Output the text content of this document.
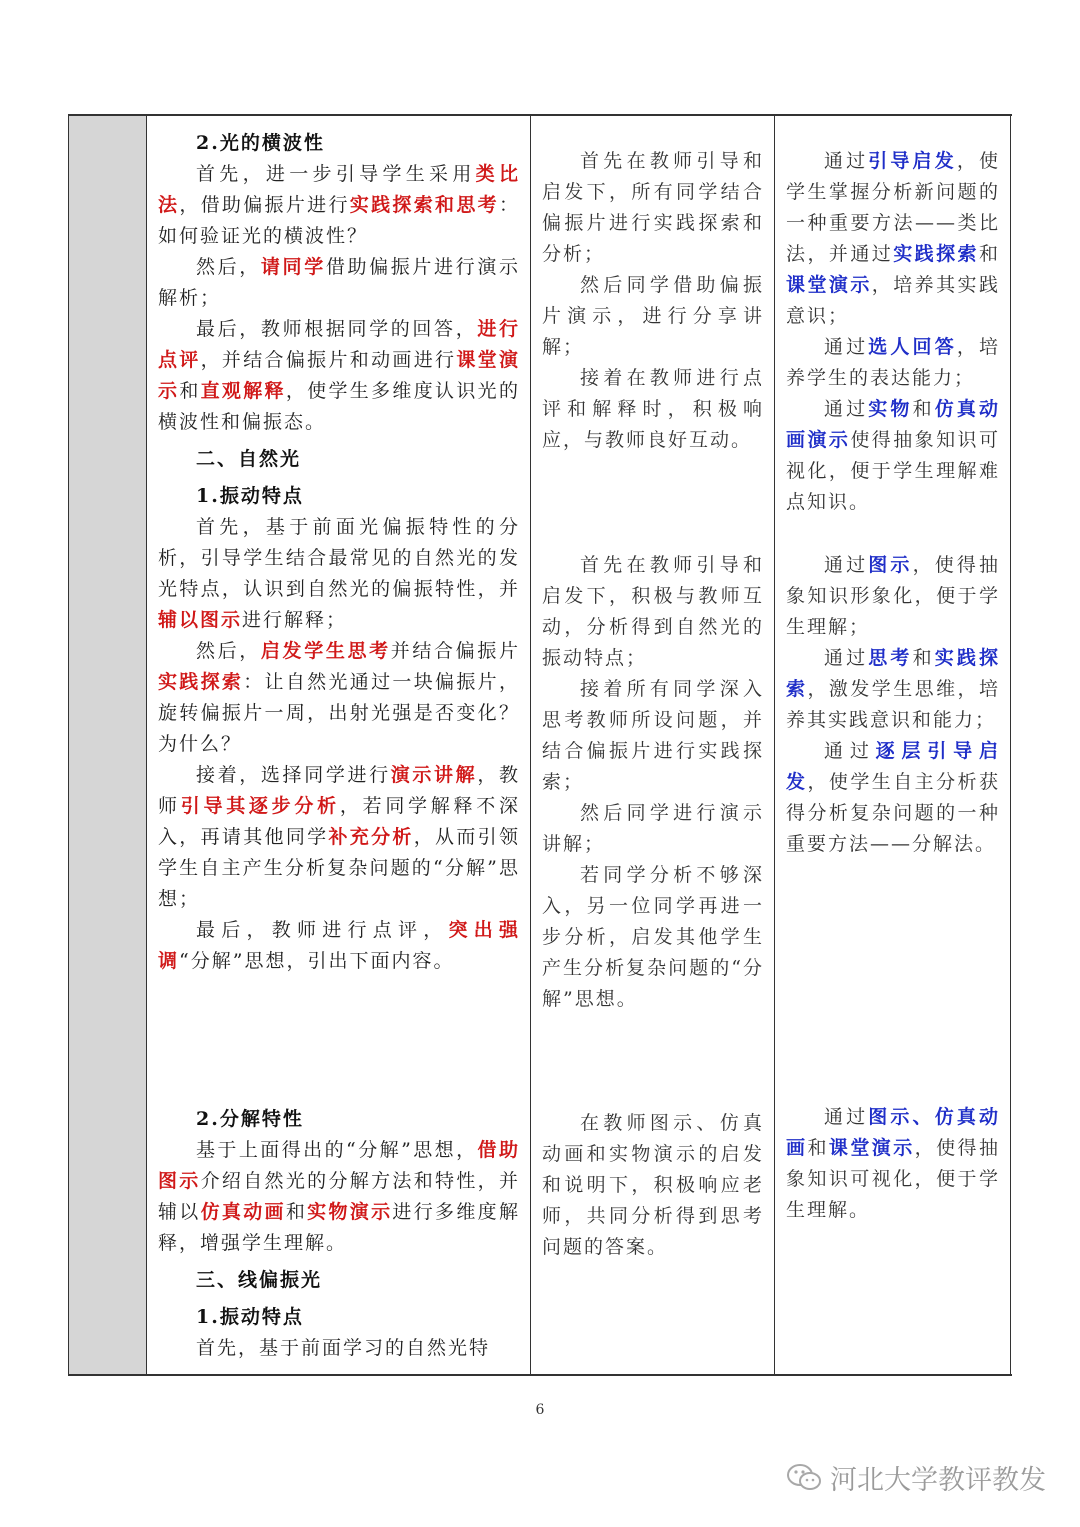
2.光的横波性

首先，进一步引导学生采用类比法，借助偏振片进行实践探索和思考：如何验证光的横波性？

然后，请同学借助偏振片进行演示解析；

最后，教师根据同学的回答，进行点评，并结合偏振片和动画进行课堂演示和直观解释，使学生多维度认识光的横波性和偏振态。

二、自然光

1.振动特点

首先，基于前面光偏振特性的分析，引导学生结合最常见的自然光的发光特点，认识到自然光的偏振特性，并辅以图示进行解释；

然后，启发学生思考并结合偏振片实践探索：让自然光通过一块偏振片，旋转偏振片一周，出射光强是否变化？为什么？

接着，选择同学进行演示讲解，教师引导其逐步分析，若同学解释不深入，再请其他同学补充分析，从而引领学生自主产生分析复杂问题的“分解”思想；

最后，教师进行点评，突出强调“分解”思想，引出下面内容。

2.分解特性

基于上面得出的“分解”思想，借助图示介绍自然光的分解方法和特性，并辅以仿真动画和实物演示进行多维度解释，增强学生理解。

三、线偏振光

1.振动特点

首先，基于前面学习的自然光特

首先在教师引导和启发下，所有同学结合偏振片进行实践探索和分析；

然后同学借助偏振片演示，进行分享讲解；

接着在教师进行点评和解释时，积极响应，与教师良好互动。

首先在教师引导和启发下，积极与教师互动，分析得到自然光的振动特点；

接着所有同学深入思考教师所设问题，并结合偏振片进行实践探索；

然后同学进行演示讲解；

若同学分析不够深入，另一位同学再进一步分析，启发其他学生产生分析复杂问题的“分解”思想。

在教师图示、仿真动画和实物演示的启发和说明下，积极响应老师，共同分析得到思考问题的答案。

通过引导启发，使学生掌握分析新问题的一种重要方法——类比法，并通过实践探索和课堂演示，培养其实践意识；

通过选人回答，培养学生的表达能力；

通过实物和仿真动画演示使得抽象知识可视化，便于学生理解难点知识。

通过图示，使得抽象知识形象化，便于学生理解；

通过思考和实践探索，激发学生思维，培养其实践意识和能力；

通过逐层引导启发，使学生自主分析获得分析复杂问题的一种重要方法——分解法。

通过图示、仿真动画和课堂演示，使得抽象知识可视化，便于学生理解。

6
河北大学教评教发
